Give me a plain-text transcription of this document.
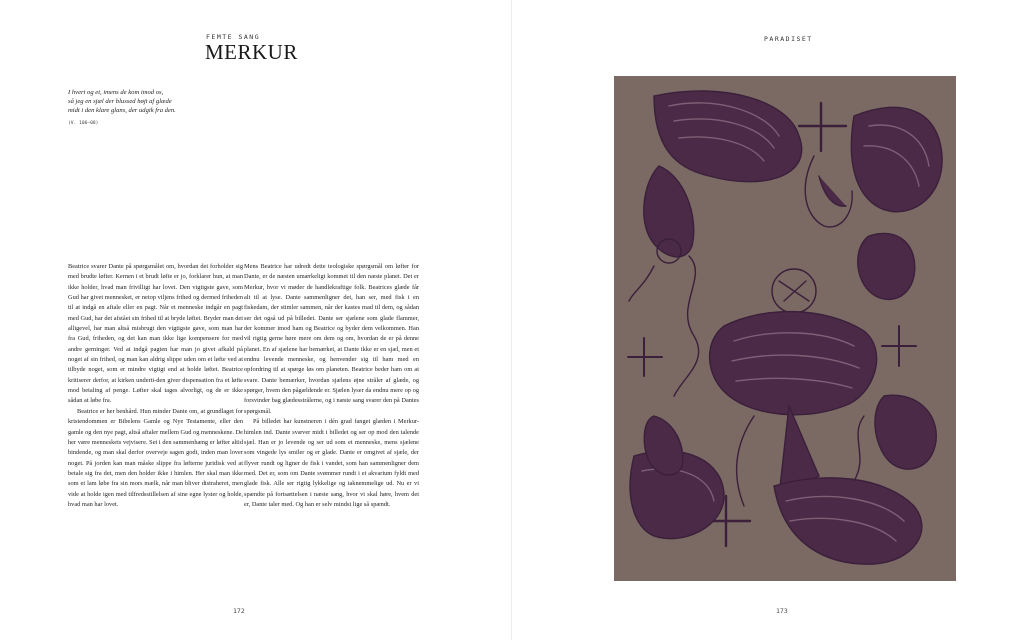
FEMTE SANG
MERKUR

I hvert og et, imens de kom imod os,

så jeg en sjæl der blussed højt af glæde

midt i den klare glans, der udgik fra den.

(V. 106–08)

Beatrice svarer Dante på spørgsmålet om, hvordan det forholder sig med brudte løfter. Kernen i et brudt løfte er jo, forklarer hun, at man ikke holder, hvad man frivilligt har lovet. Den vigtigste gave, som Gud har givet mennesket, er netop viljens frihed og dermed friheden til at indgå en aftale eller en pagt. Når et menneske indgår en pagt med Gud, har det afstået sin frihed til at bryde løftet. Bryder man det alligevel, har man altså misbrugt den vigtigste gave, som man har fra Gud, friheden, og det kan man ikke lige kompensere for med andre gerninger. Ved at indgå pagten har man jo givet afkald på noget af sin frihed, og man kan aldrig slippe uden om et løfte ved at tilbyde noget, som er mindre vigtigt end at holde løftet. Beatrice kritiserer derfor, at kirken underti-den giver dispensation fra et løfte mod betaling af penge. Løfter skal tages alvorligt, og de er ikke sådan at løbe fra.

Beatrice er her benhård. Hun minder Dante om, at grundlaget for kristendommen er Bibelens Gamle og Nye Testamente, eller den gamle og den nye pagt, altså aftaler mellem Gud og menneskene. De her være menneskets vejvisere. Set i den sammenhæng er løfter altid bindende, og man skal derfor overveje sagen godt, inden man lover noget. På jorden kan man måske slippe fra løfterne juridisk ved at betale sig fra det, men den holder ikke i himlen. Her skal man ikke som et lam løbe fra sin mors mælk, når man bliver distraheret, men vide at holde igen med tilfredsstillelsen af sine egne lyster og holde, hvad man har lovet.

Mens Beatrice har udredt dette teologiske spørgsmål om løfter for Dante, er de næsten umærkeligt kommet til den næste planet. Det er Merkur, hvor vi møder de handlekraftige folk. Beatrices glæde får alt til at lyse. Dante sammenligner det, han ser, med fisk i en fiskedam, der stimler sammen, når der kastes mad til dem, og sådan ser det også ud på billedet. Dante ser sjælene som glade flammer, der kommer imod ham og Beatrice og byder dem velkommen. Han vil rigtig gerne høre mere om dem og om, hvordan de er på denne planet. En af sjælene har bemærket, at Dante ikke er en sjæl, men et endnu levende menneske, og henvender sig til ham med en opfordring til at spørge løs om planeten. Beatrice beder ham om at svare. Dante bemærker, hvordan sjælens øjne stråler af glæde, og spørger, hvem den pågældende er. Sjælen lyser da endnu mere op og forsvinder bag glædesstrålerne, og i næste sang svarer den på Dantes spørgsmål.

På billedet har kunstneren i dén grad fanget glæden i Merkur-himlen ind. Dante svæver midt i billedet og ser op mod den talende sjæl. Han er jo levende og ser ud som et menneske, mens sjælene som vingede lys smiler og er glade. Dante er omgivet af sjæle, der flyver rundt og ligner de fisk i vandet, som han sammenligner dem med. Det er, som om Dante svømmer rundt i et akvarium fyldt med glade fisk. Alle ser rigtig lykkelige og taknemmelige ud. Nu er vi spændte på fortsættelsen i næste sang, hvor vi skal høre, hvem det er, Dante taler med. Og han er selv mindst lige så spændt.

172
PARADISET
173
